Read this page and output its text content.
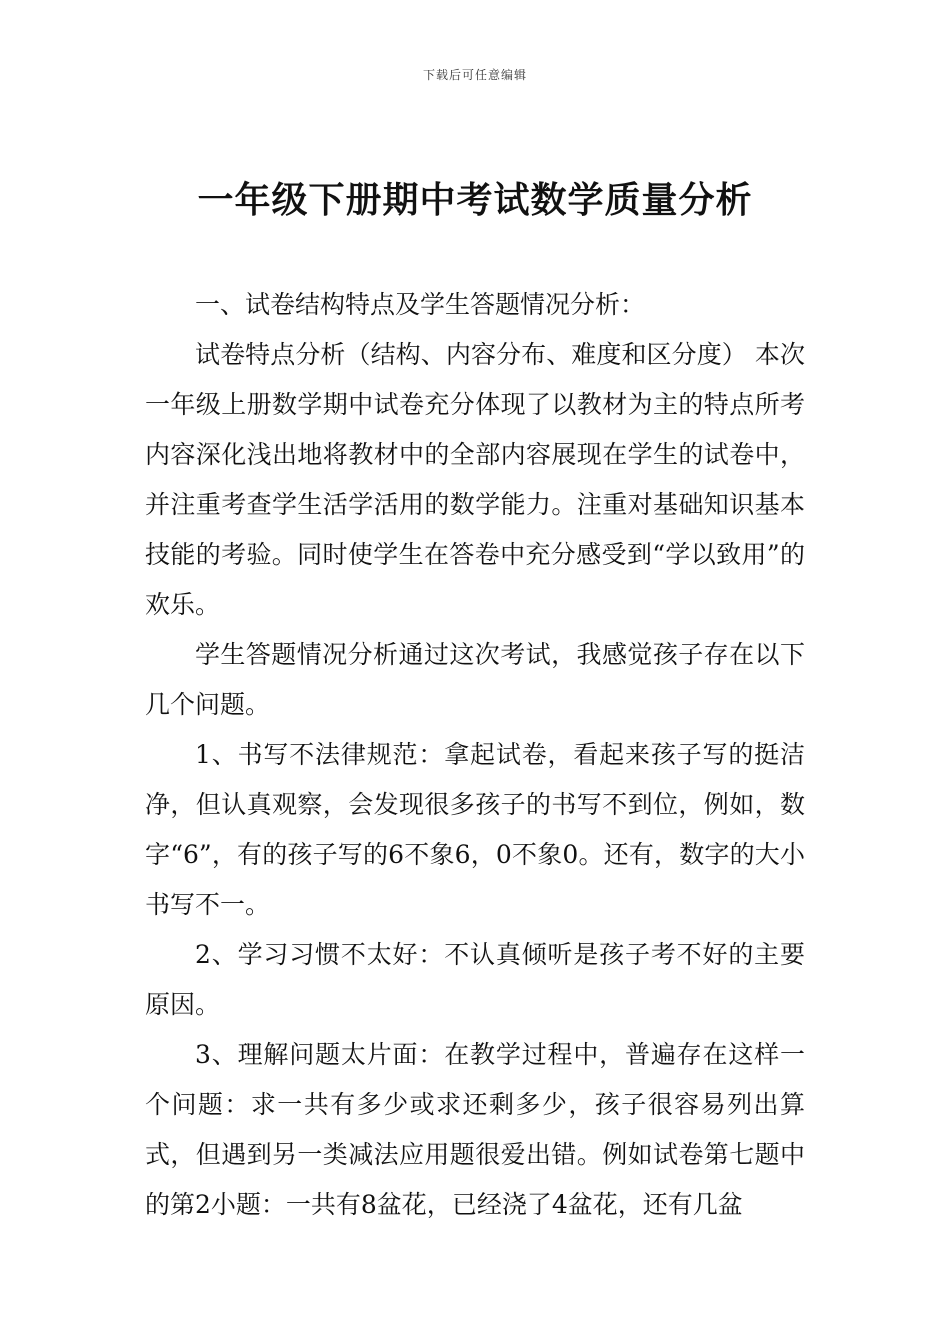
下载后可任意编辑
一年级下册期中考试数学质量分析

一、试卷结构特点及学生答题情况分析：

试卷特点分析（结构、内容分布、难度和区分度） 本次一年级上册数学期中试卷充分体现了以教材为主的特点所考内容深化浅出地将教材中的全部内容展现在学生的试卷中，并注重考查学生活学活用的数学能力。注重对基础知识基本技能的考验。同时使学生在答卷中充分感受到“学以致用”的欢乐。

学生答题情况分析通过这次考试，我感觉孩子存在以下几个问题。

1、书写不法律规范：拿起试卷，看起来孩子写的挺洁净，但认真观察，会发现很多孩子的书写不到位，例如，数字“6”，有的孩子写的6不象6，0不象0。还有，数字的大小书写不一。

2、学习习惯不太好：不认真倾听是孩子考不好的主要原因。

3、理解问题太片面：在教学过程中，普遍存在这样一个问题：求一共有多少或求还剩多少，孩子很容易列出算式，但遇到另一类减法应用题很爱出错。例如试卷第七题中的第2小题：一共有8盆花，已经浇了4盆花，还有几盆
